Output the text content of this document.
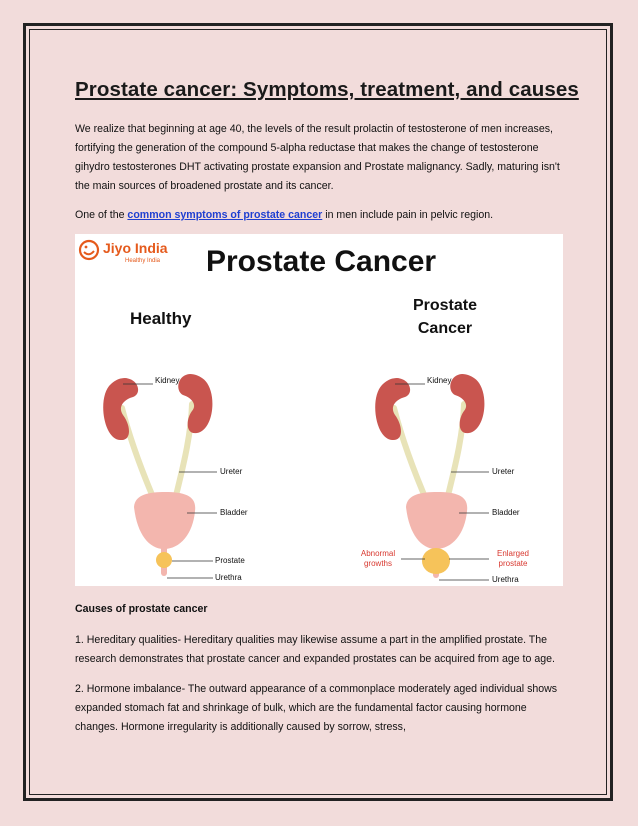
Prostate cancer: Symptoms, treatment, and causes

We realize that beginning at age 40, the levels of the result prolactin of testosterone of men increases, fortifying the generation of the compound 5-alpha reductase that makes the change of testosterone gihydro testosterones DHT activating prostate expansion and Prostate malignancy. Sadly, maturing isn't the main sources of broadened prostate and its cancer.

One of the common symptoms of prostate cancer in men include pain in pelvic region.

Jiyo India
Healthy India Prostate Cancer
Healthy
Prostate
Cancer
Kidney
Ureter
Bladder
Prostate
Urethra
Kidney
Ureter
Bladder
Abnormal
growths
Enlarged
prostate
Urethra

Causes of prostate cancer

1. Hereditary qualities- Hereditary qualities may likewise assume a part in the amplified prostate. The research demonstrates that prostate cancer and expanded prostates can be acquired from age to age.

2. Hormone imbalance- The outward appearance of a commonplace moderately aged individual shows expanded stomach fat and shrinkage of bulk, which are the fundamental factor causing hormone changes. Hormone irregularity is additionally caused by sorrow, stress,
